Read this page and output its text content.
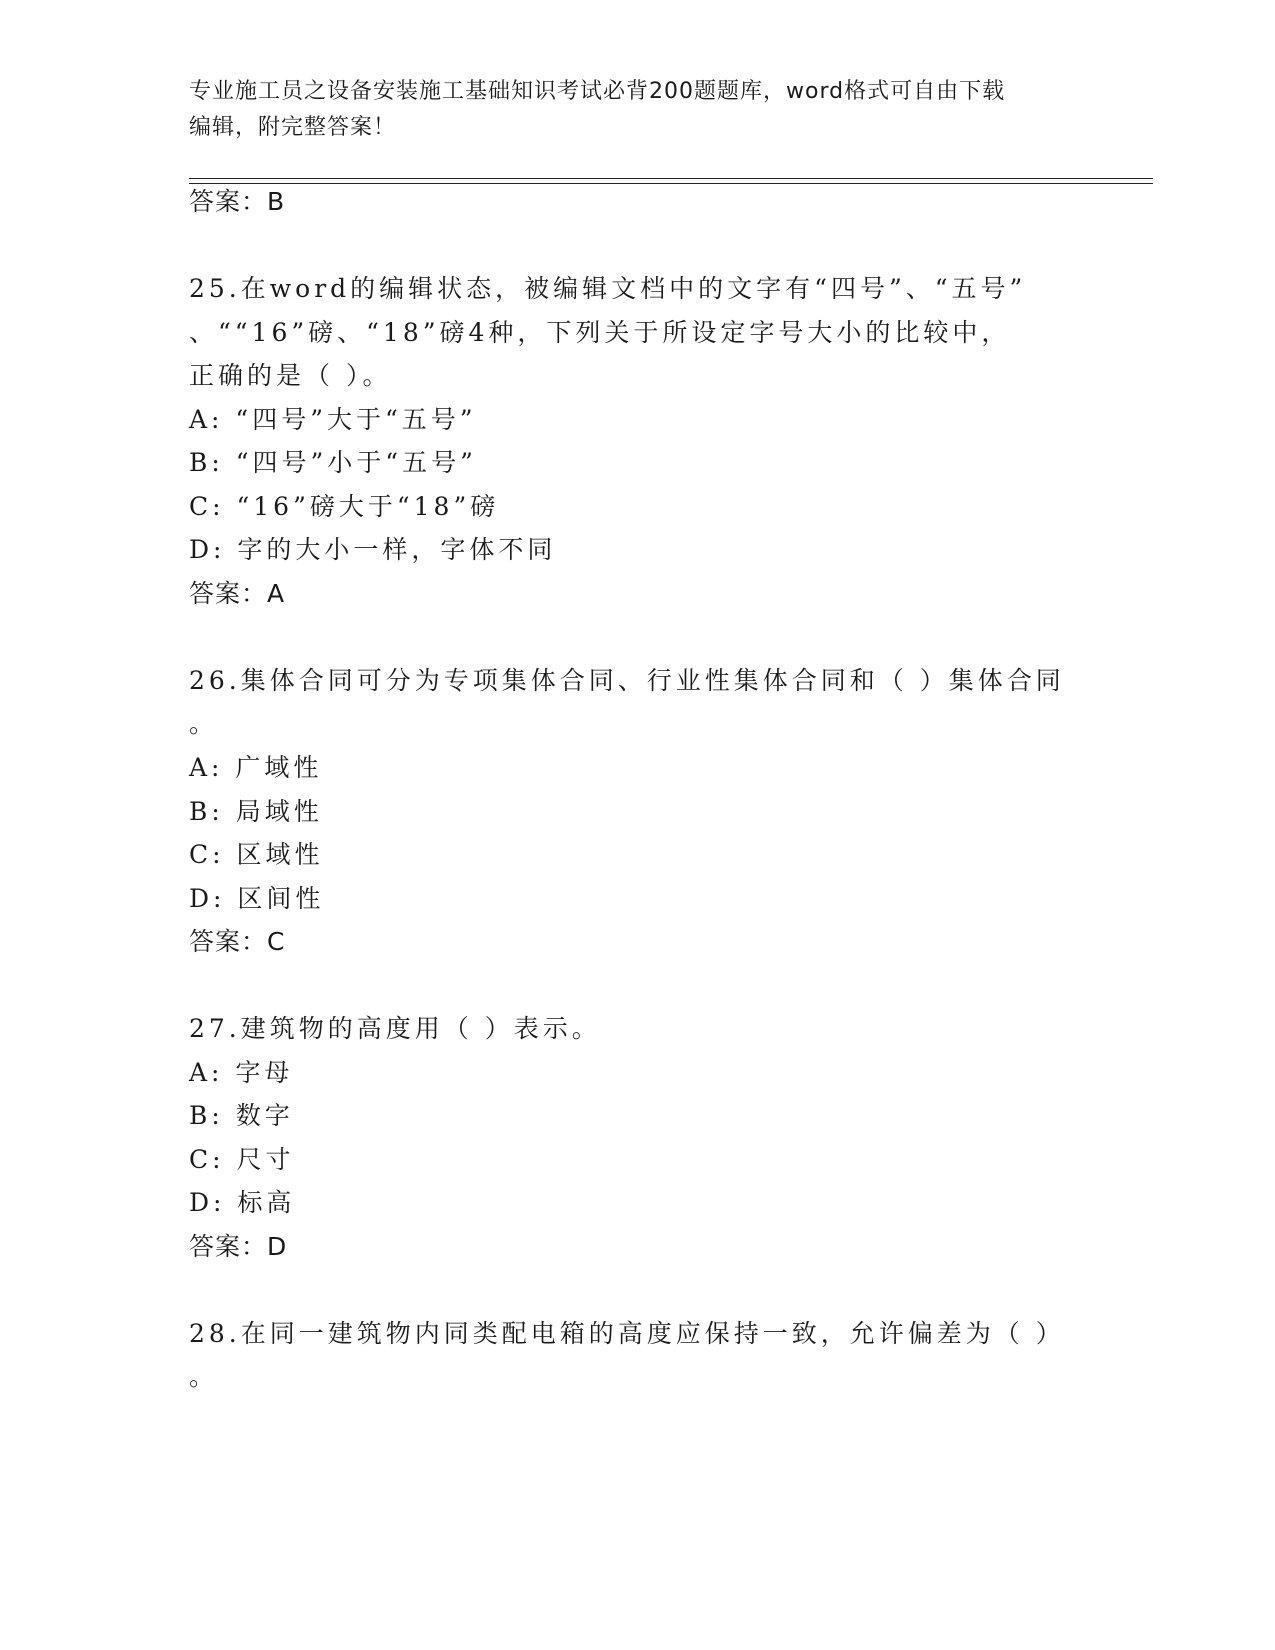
专业施工员之设备安装施工基础知识考试必背200题题库，word格式可自由下载
编辑，附完整答案！
答案：B
25.在word的编辑状态，被编辑文档中的文字有“四号”、“五号”
、““16”磅、“18”磅4种，下列关于所设定字号大小的比较中，
正确的是（ ）。
A: “四号”大于“五号”
B: “四号”小于“五号”
C: “16”磅大于“18”磅
D: 字的大小一样，字体不同
答案：A
26.集体合同可分为专项集体合同、行业性集体合同和（ ）集体合同
。
A: 广域性
B: 局域性
C: 区域性
D: 区间性
答案：C
27.建筑物的高度用（ ）表示。
A: 字母
B: 数字
C: 尺寸
D: 标高
答案：D
28.在同一建筑物内同类配电箱的高度应保持一致，允许偏差为（ ）
。
